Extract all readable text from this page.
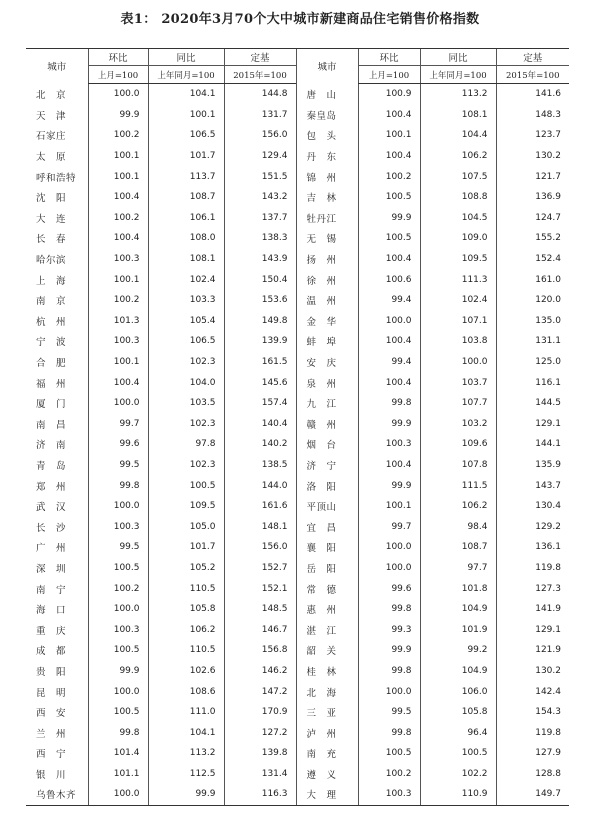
表1： 2020年3月70个大中城市新建商品住宅销售价格指数
城市	环比	同比	定基	城市	环比	同比	定基
	上月=100	上年同月=100	2015年=100		上月=100	上年同月=100	2015年=100
北　京	100.0	104.1	144.8	唐　山	100.9	113.2	141.6
天　津	99.9	100.1	131.7	秦皇岛	100.4	108.1	148.3
石家庄	100.2	106.5	156.0	包　头	100.1	104.4	123.7
太　原	100.1	101.7	129.4	丹　东	100.4	106.2	130.2
呼和浩特	100.1	113.7	151.5	锦　州	100.2	107.5	121.7
沈　阳	100.4	108.7	143.2	吉　林	100.5	108.8	136.9
大　连	100.2	106.1	137.7	牡丹江	99.9	104.5	124.7
长　春	100.4	108.0	138.3	无　锡	100.5	109.0	155.2
哈尔滨	100.3	108.1	143.9	扬　州	100.4	109.5	152.4
上　海	100.1	102.4	150.4	徐　州	100.6	111.3	161.0
南　京	100.2	103.3	153.6	温　州	99.4	102.4	120.0
杭　州	101.3	105.4	149.8	金　华	100.0	107.1	135.0
宁　波	100.3	106.5	139.9	蚌　埠	100.4	103.8	131.1
合　肥	100.1	102.3	161.5	安　庆	99.4	100.0	125.0
福　州	100.4	104.0	145.6	泉　州	100.4	103.7	116.1
厦　门	100.0	103.5	157.4	九　江	99.8	107.7	144.5
南　昌	99.7	102.3	140.4	赣　州	99.9	103.2	129.1
济　南	99.6	97.8	140.2	烟　台	100.3	109.6	144.1
青　岛	99.5	102.3	138.5	济　宁	100.4	107.8	135.9
郑　州	99.8	100.5	144.0	洛　阳	99.9	111.5	143.7
武　汉	100.0	109.5	161.6	平顶山	100.1	106.2	130.4
长　沙	100.3	105.0	148.1	宜　昌	99.7	98.4	129.2
广　州	99.5	101.7	156.0	襄　阳	100.0	108.7	136.1
深　圳	100.5	105.2	152.7	岳　阳	100.0	97.7	119.8
南　宁	100.2	110.5	152.1	常　德	99.6	101.8	127.3
海　口	100.0	105.8	148.5	惠　州	99.8	104.9	141.9
重　庆	100.3	106.2	146.7	湛　江	99.3	101.9	129.1
成　都	100.5	110.5	156.8	韶　关	99.9	99.2	121.9
贵　阳	99.9	102.6	146.2	桂　林	99.8	104.9	130.2
昆　明	100.0	108.6	147.2	北　海	100.0	106.0	142.4
西　安	100.5	111.0	170.9	三　亚	99.5	105.8	154.3
兰　州	99.8	104.1	127.2	泸　州	99.8	96.4	119.8
西　宁	101.4	113.2	139.8	南　充	100.5	100.5	127.9
银　川	101.1	112.5	131.4	遵　义	100.2	102.2	128.8
乌鲁木齐	100.0	99.9	116.3	大　理	100.3	110.9	149.7
